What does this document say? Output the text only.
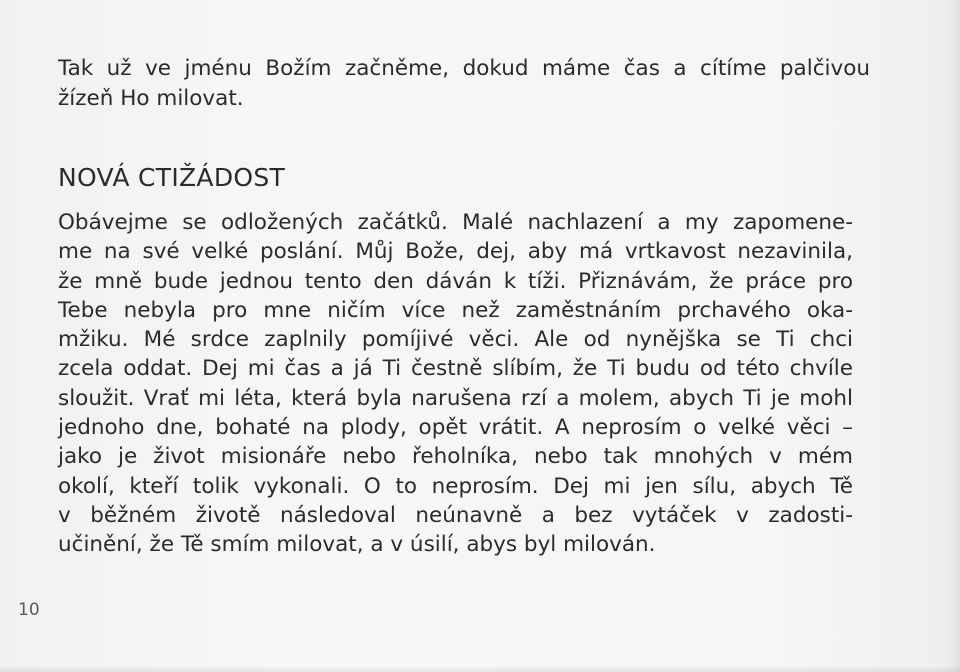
Tak už ve jménu Božím začněme, dokud máme čas a cítíme palčivou
žízeň Ho milovat.

NOVÁ CTIŽÁDOST

Obávejme se odložených začátků. Malé nachlazení a my zapomene-
me na své velké poslání. Můj Bože, dej, aby má vrtkavost nezavinila,
že mně bude jednou tento den dáván k tíži. Přiznávám, že práce pro
Tebe nebyla pro mne ničím více než zaměstnáním prchavého oka-
mžiku. Mé srdce zaplnily pomíjivé věci. Ale od nynějška se Ti chci
zcela oddat. Dej mi čas a já Ti čestně slíbím, že Ti budu od této chvíle
sloužit. Vrať mi léta, která byla narušena rzí a molem, abych Ti je mohl
jednoho dne, bohaté na plody, opět vrátit. A neprosím o velké věci –
jako je život misionáře nebo řeholníka, nebo tak mnohých v mém
okolí, kteří tolik vykonali. O to neprosím. Dej mi jen sílu, abych Tě
v běžném životě následoval neúnavně a bez vytáček v zadosti-
učinění, že Tě smím milovat, a v úsilí, abys byl milován.

10
